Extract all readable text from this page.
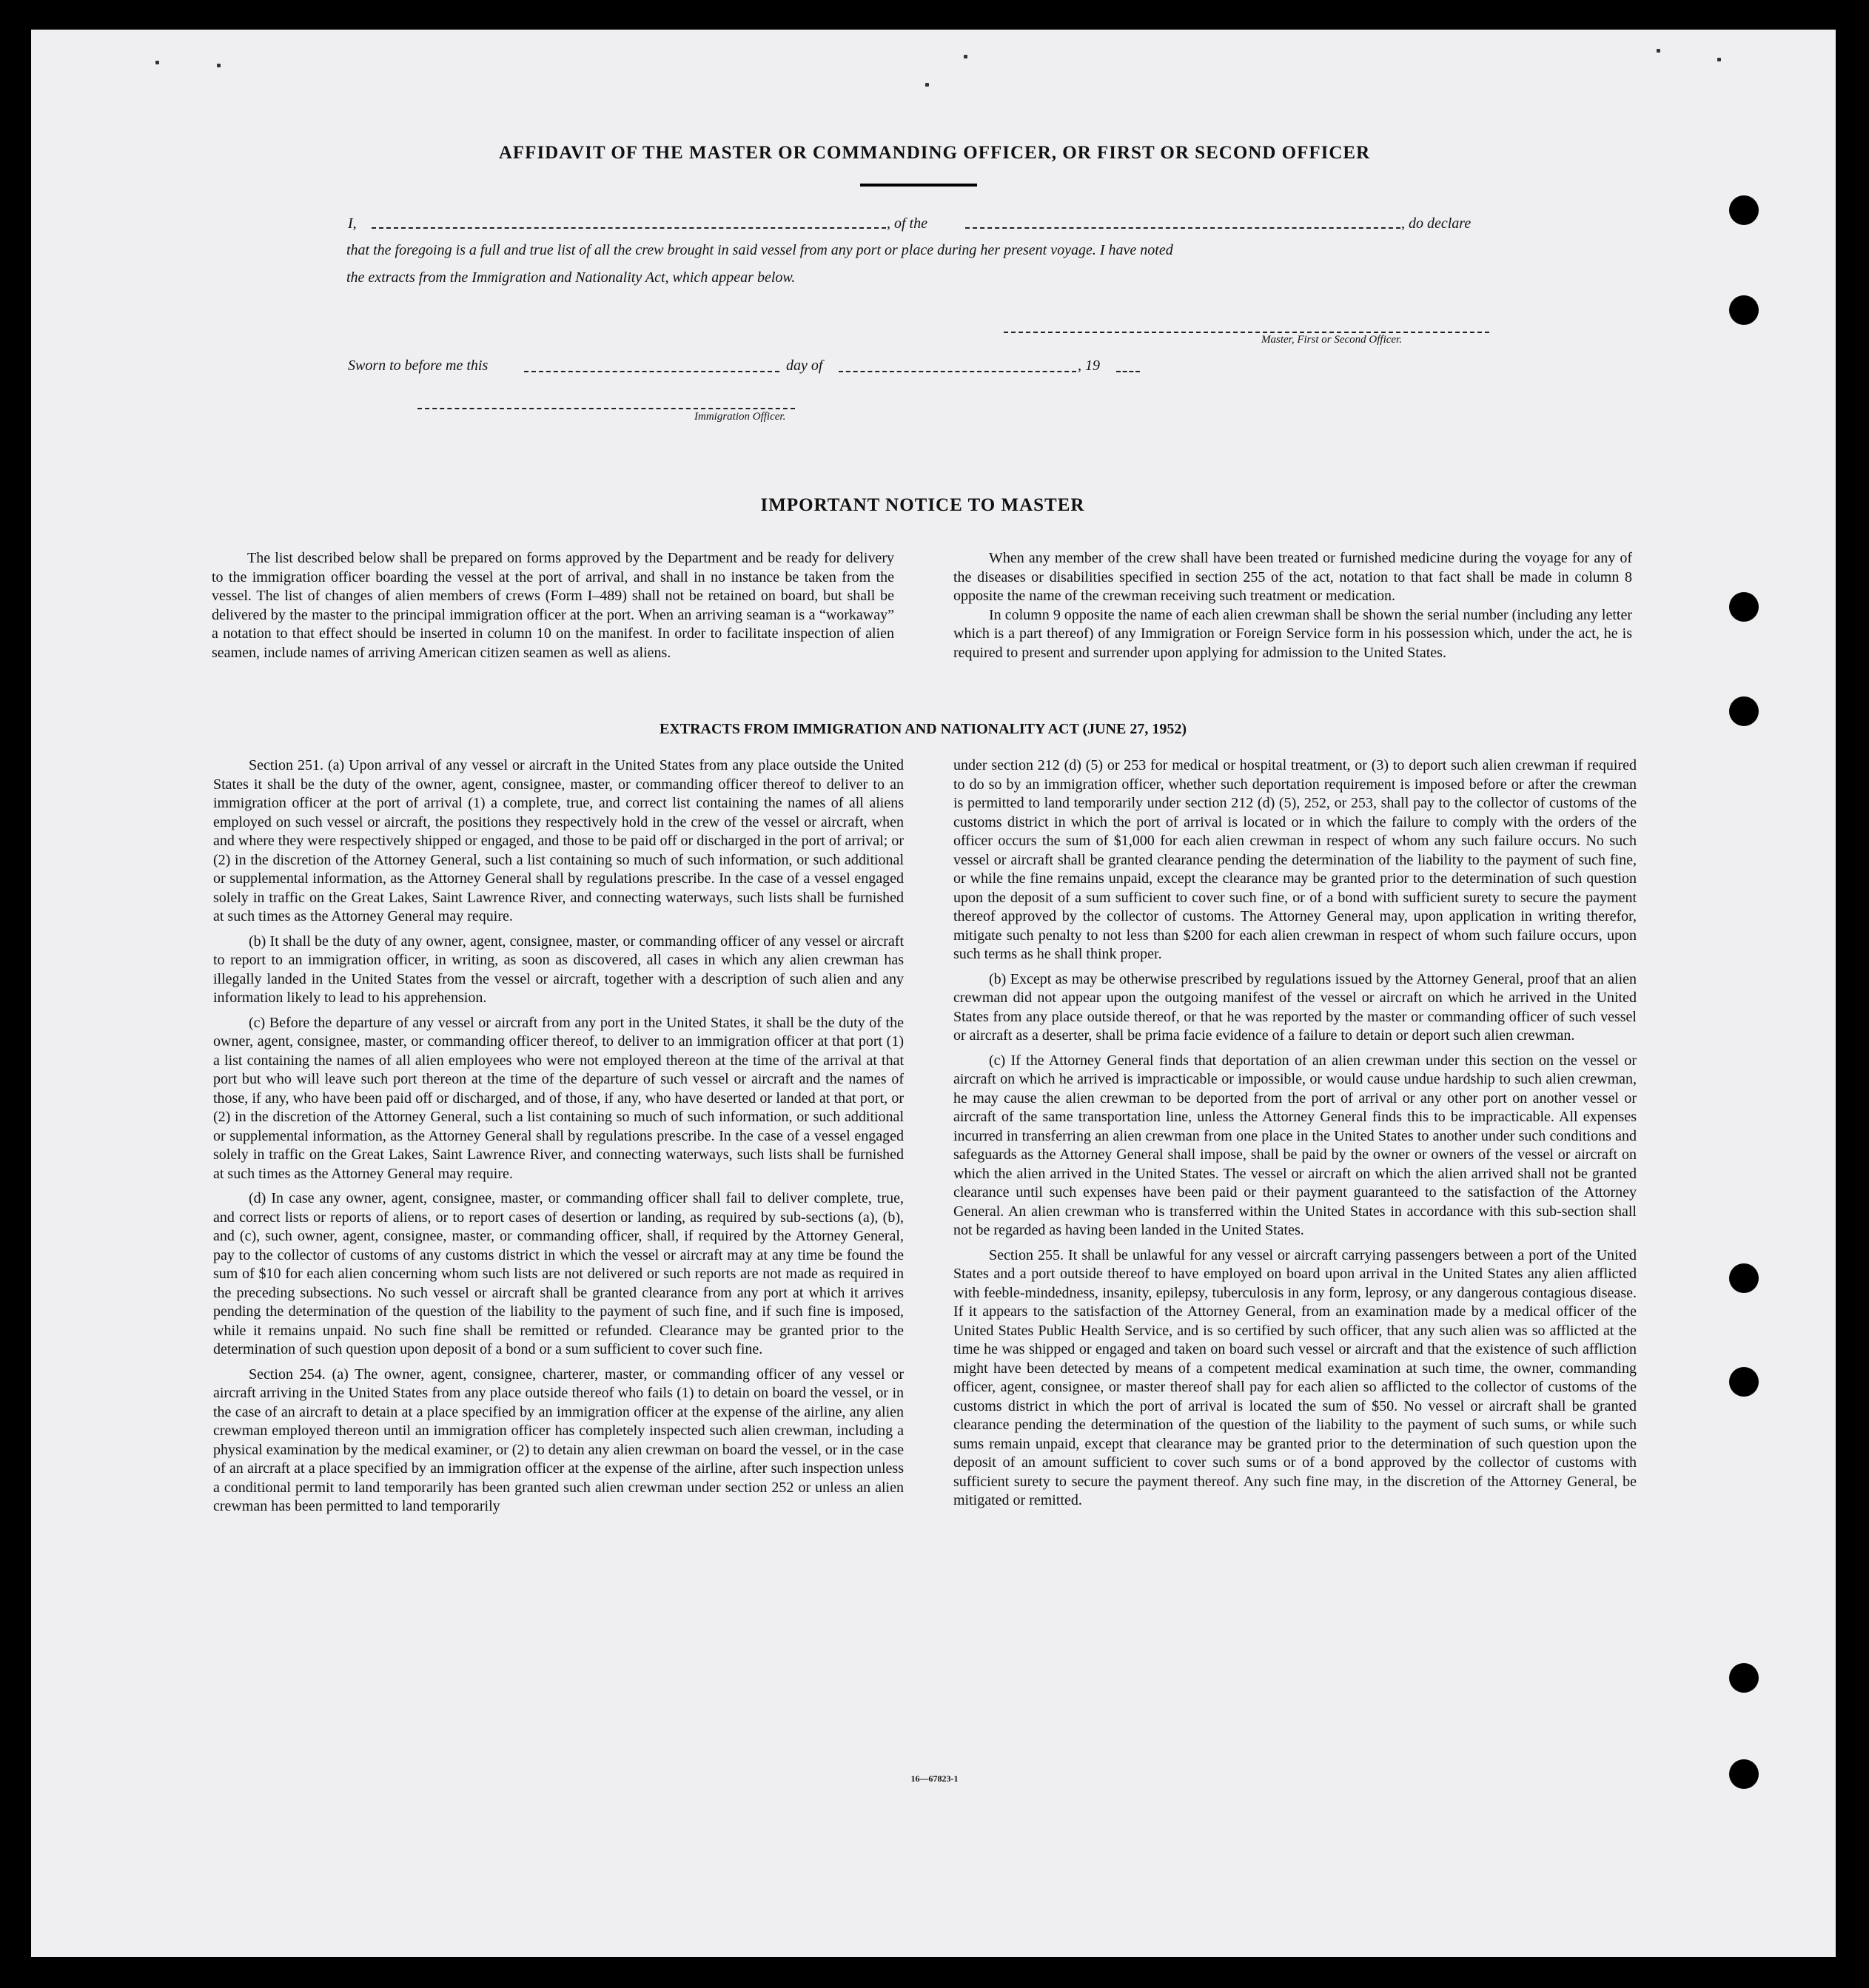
AFFIDAVIT OF THE MASTER OR COMMANDING OFFICER, OR FIRST OR SECOND OFFICER
I,	, of the	, do declare
that the foregoing is a full and true list of all the crew brought in said vessel from any port or place during her present voyage. I have noted
the extracts from the Immigration and Nationality Act, which appear below.
Master, First or Second Officer.
Sworn to before me this	day of	, 19
Immigration Officer.
IMPORTANT NOTICE TO MASTER

The list described below shall be prepared on forms approved by the Department and be ready for delivery to the immigration officer boarding the vessel at the port of arrival, and shall in no instance be taken from the vessel. The list of changes of alien members of crews (Form I–489) shall not be retained on board, but shall be delivered by the master to the principal immigration officer at the port. When an arriving seaman is a “workaway” a notation to that effect should be inserted in column 10 on the manifest. In order to facilitate inspection of alien seamen, include names of arriving American citizen seamen as well as aliens.

When any member of the crew shall have been treated or furnished medicine during the voyage for any of the diseases or disabilities specified in section 255 of the act, notation to that fact shall be made in column 8 opposite the name of the crewman receiving such treatment or medication.

In column 9 opposite the name of each alien crewman shall be shown the serial number (including any letter which is a part thereof) of any Immigration or Foreign Service form in his possession which, under the act, he is required to present and surrender upon applying for admission to the United States.

EXTRACTS FROM IMMIGRATION AND NATIONALITY ACT (JUNE 27, 1952)

Section 251. (a) Upon arrival of any vessel or aircraft in the United States from any place outside the United States it shall be the duty of the owner, agent, consignee, master, or commanding officer thereof to deliver to an immigration officer at the port of arrival (1) a complete, true, and correct list containing the names of all aliens employed on such vessel or aircraft, the positions they respectively hold in the crew of the vessel or aircraft, when and where they were respectively shipped or engaged, and those to be paid off or discharged in the port of arrival; or (2) in the discretion of the Attorney General, such a list containing so much of such information, or such additional or supplemental information, as the Attorney General shall by regulations prescribe. In the case of a vessel engaged solely in traffic on the Great Lakes, Saint Lawrence River, and connecting waterways, such lists shall be furnished at such times as the Attorney General may require.

(b) It shall be the duty of any owner, agent, consignee, master, or commanding officer of any vessel or aircraft to report to an immigration officer, in writing, as soon as discovered, all cases in which any alien crewman has illegally landed in the United States from the vessel or aircraft, together with a description of such alien and any information likely to lead to his apprehension.

(c) Before the departure of any vessel or aircraft from any port in the United States, it shall be the duty of the owner, agent, consignee, master, or commanding officer thereof, to deliver to an immigration officer at that port (1) a list containing the names of all alien employees who were not employed thereon at the time of the arrival at that port but who will leave such port thereon at the time of the departure of such vessel or aircraft and the names of those, if any, who have been paid off or discharged, and of those, if any, who have deserted or landed at that port, or (2) in the discretion of the Attorney General, such a list containing so much of such information, or such additional or supplemental information, as the Attorney General shall by regulations prescribe. In the case of a vessel engaged solely in traffic on the Great Lakes, Saint Lawrence River, and connecting waterways, such lists shall be furnished at such times as the Attorney General may require.

(d) In case any owner, agent, consignee, master, or commanding officer shall fail to deliver complete, true, and correct lists or reports of aliens, or to report cases of desertion or landing, as required by sub-sections (a), (b), and (c), such owner, agent, consignee, master, or commanding officer, shall, if required by the Attorney General, pay to the collector of customs of any customs district in which the vessel or aircraft may at any time be found the sum of $10 for each alien concerning whom such lists are not delivered or such reports are not made as required in the preceding subsections. No such vessel or aircraft shall be granted clearance from any port at which it arrives pending the determination of the question of the liability to the payment of such fine, and if such fine is imposed, while it remains unpaid. No such fine shall be remitted or refunded. Clearance may be granted prior to the determination of such question upon deposit of a bond or a sum sufficient to cover such fine.

Section 254. (a) The owner, agent, consignee, charterer, master, or commanding officer of any vessel or aircraft arriving in the United States from any place outside thereof who fails (1) to detain on board the vessel, or in the case of an aircraft to detain at a place specified by an immigration officer at the expense of the airline, any alien crewman employed thereon until an immigration officer has completely inspected such alien crewman, including a physical examination by the medical examiner, or (2) to detain any alien crewman on board the vessel, or in the case of an aircraft at a place specified by an immigration officer at the expense of the airline, after such inspection unless a conditional permit to land temporarily has been granted such alien crewman under section 252 or unless an alien crewman has been permitted to land temporarily

under section 212 (d) (5) or 253 for medical or hospital treatment, or (3) to deport such alien crewman if required to do so by an immigration officer, whether such deportation requirement is imposed before or after the crewman is permitted to land temporarily under section 212 (d) (5), 252, or 253, shall pay to the collector of customs of the customs district in which the port of arrival is located or in which the failure to comply with the orders of the officer occurs the sum of $1,000 for each alien crewman in respect of whom any such failure occurs. No such vessel or aircraft shall be granted clearance pending the determination of the liability to the payment of such fine, or while the fine remains unpaid, except the clearance may be granted prior to the determination of such question upon the deposit of a sum sufficient to cover such fine, or of a bond with sufficient surety to secure the payment thereof approved by the collector of customs. The Attorney General may, upon application in writing therefor, mitigate such penalty to not less than $200 for each alien crewman in respect of whom such failure occurs, upon such terms as he shall think proper.

(b) Except as may be otherwise prescribed by regulations issued by the Attorney General, proof that an alien crewman did not appear upon the outgoing manifest of the vessel or aircraft on which he arrived in the United States from any place outside thereof, or that he was reported by the master or commanding officer of such vessel or aircraft as a deserter, shall be prima facie evidence of a failure to detain or deport such alien crewman.

(c) If the Attorney General finds that deportation of an alien crewman under this section on the vessel or aircraft on which he arrived is impracticable or impossible, or would cause undue hardship to such alien crewman, he may cause the alien crewman to be deported from the port of arrival or any other port on another vessel or aircraft of the same transportation line, unless the Attorney General finds this to be impracticable. All expenses incurred in transferring an alien crewman from one place in the United States to another under such conditions and safeguards as the Attorney General shall impose, shall be paid by the owner or owners of the vessel or aircraft on which the alien arrived in the United States. The vessel or aircraft on which the alien arrived shall not be granted clearance until such expenses have been paid or their payment guaranteed to the satisfaction of the Attorney General. An alien crewman who is transferred within the United States in accordance with this sub-section shall not be regarded as having been landed in the United States.

Section 255. It shall be unlawful for any vessel or aircraft carrying passengers between a port of the United States and a port outside thereof to have employed on board upon arrival in the United States any alien afflicted with feeble-mindedness, insanity, epilepsy, tuberculosis in any form, leprosy, or any dangerous contagious disease. If it appears to the satisfaction of the Attorney General, from an examination made by a medical officer of the United States Public Health Service, and is so certified by such officer, that any such alien was so afflicted at the time he was shipped or engaged and taken on board such vessel or aircraft and that the existence of such affliction might have been detected by means of a competent medical examination at such time, the owner, commanding officer, agent, consignee, or master thereof shall pay for each alien so afflicted to the collector of customs of the customs district in which the port of arrival is located the sum of $50. No vessel or aircraft shall be granted clearance pending the determination of the question of the liability to the payment of such sums, or while such sums remain unpaid, except that clearance may be granted prior to the determination of such question upon the deposit of an amount sufficient to cover such sums or of a bond approved by the collector of customs with sufficient surety to secure the payment thereof. Any such fine may, in the discretion of the Attorney General, be mitigated or remitted.

16—67823-1
